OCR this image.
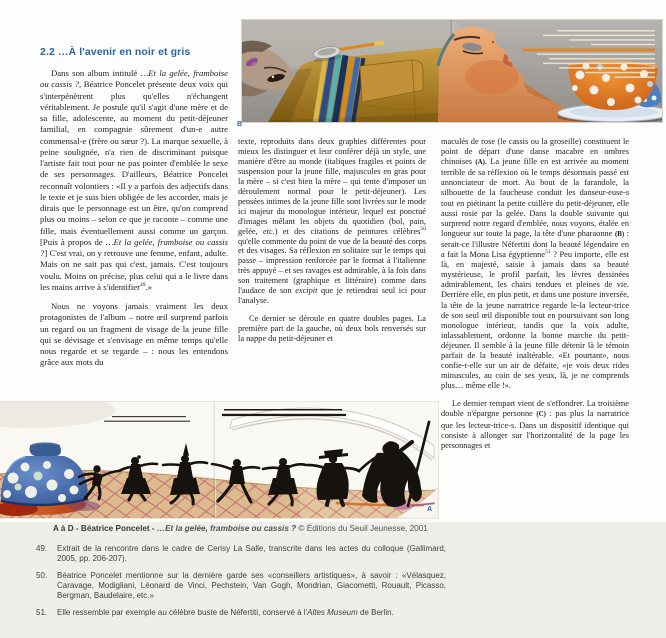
2.2 …À l'avenir en noir et gris

Dans son album intitulé …Et la gelée, framboise ou cassis ?, Béatrice Poncelet présente deux voix qui s'interpénètrent plus qu'elles n'échangent véritablement. Je postule qu'il s'agit d'une mère et de sa fille, adolescente, au moment du petit-déjeuner familial, en compagnie sûrement d'un-e autre commensal-e (frère ou sœur ?). La marque sexuelle, à peine soulignée, n'a rien de discriminant puisque l'artiste fait tout pour ne pas pointer d'emblée le sexe de ses personnages. D'ailleurs, Béatrice Poncelet reconnaît volontiers : «Il y a parfois des adjectifs dans le texte et je suis bien obligée de les accorder, mais je dirais que le personnage est un être, qu'on comprend plus ou moins – selon ce que je raconte – comme une fille, mais éventuellement aussi comme un garçon. [Puis à propos de …Et la gelée, framboise ou cassis ?] C'est vrai, on y retrouve une femme, enfant, adulte. Mais on ne sait pas qui c'est, jamais. C'est toujours voulu. Moins on précise, plus celui qui a le livre dans les mains arrive à s'identifier$^{49}$.»

Nous ne voyons jamais vraiment les deux protagonistes de l'album – notre œil surprend parfois un regard ou un fragment de visage de la jeune fille qui se dévisage et s'envisage en même temps qu'elle nous regarde et se regarde – : nous les entendons grâce aux mots du

texte, reproduits dans deux graphies différentes pour mieux les distinguer et leur conférer déjà un style, une manière d'être au monde (italiques fragiles et points de suspension pour la jeune fille, majuscules en gras pour la mère – si c'est bien la mère – qui tente d'imposer un déroulement normal pour le petit-déjeuner). Les pensées intimes de la jeune fille sont livrées sur le mode ici majeur du monologue intérieur, lequel est ponctué d'images mêlant les objets du quotidien (bol, pain, gelée, etc.) et des citations de peintures célèbres$^{50}$ qu'elle commente du point de vue de la beauté des corps et des visages. Sa réflexion en solitaire sur le temps qui passe – impression renforcée par le format à l'italienne très appuyé – et ses ravages est admirable, à la fois dans son traitement (graphique et littéraire) comme dans l'audace de son excipit que je retiendrai seul ici pour l'analyse.

Ce dernier se déroule en quatre doubles pages. La première part de la gauche, où deux bols renversés sur la nappe du petit-déjeuner et

maculés de rose (le cassis ou la groseille) constituent le point de départ d'une danse macabre en ombres chinoises (A). La jeune fille en est arrivée au moment terrible de sa réflexion où le temps désormais passé est annonciateur de mort. Au bout de la farandole, la silhouette de la faucheuse conduit les danseur-euse-s tout en piétinant la petite cuillère du petit-déjeuner, elle aussi rosie par la gelée. Dans la double suivante qui surprend notre regard d'emblée, nous voyons, étalée en longueur sur toute la page, la tête d'une pharaonne (B) : serait-ce l'illustre Néfertiti dont la beauté légendaire en a fait la Mona Lisa égyptienne$^{51}$ ? Peu importe, elle est là, en majesté, saisie à jamais dans sa beauté mystérieuse, le profil parfait, les lèvres dessinées admirablement, les chairs tendues et pleines de vie. Derrière elle, en plus petit, et dans une posture inversée, la tête de la jeune narratrice regarde le-la lecteur-trice de son seul œil disponible tout en poursuivant son long monologue intérieur, tandis que la voix adulte, inlassablement, ordonne la bonne marche du petit-déjeuner. Il semble à la jeune fille détenir là le témoin parfait de la beauté inaltérable. «Et pourtant», nous confie-t-elle sur un air de défaite, «je vois deux rides minuscules, au coin de ses yeux, là, je ne comprends plus… même elle !».

Le dernier rempart vient de s'effondrer. La troisième double n'épargne personne (C) : pas plus la narratrice que les lecteur-trice-s. Dans un dispositif identique qui consiste à allonger sur l'horizontalité de la page les personnages et

B
A
A à D - Béatrice Poncelet - …Et la gelée, framboise ou cassis ? © Éditions du Seuil Jeunesse, 2001
49.	Extrait de la rencontre dans le cadre de Cerisy La Salle, transcrite dans les actes du colloque (Gallimard, 2005, pp. 206-207).
50.	Béatrice Poncelet mentionne sur la dernière garde ses «conseillers artistiques», à savoir : «Vélasquez, Caravage, Modigliani, Léonard de Vinci, Pechstein, Van Gogh, Mondrian, Giacometti, Rouault, Picasso, Bergman, Baudelaire, etc.»
51.	Elle ressemble par exemple au célèbre buste de Néfertiti, conservé à l'Altes Museum de Berlin.
